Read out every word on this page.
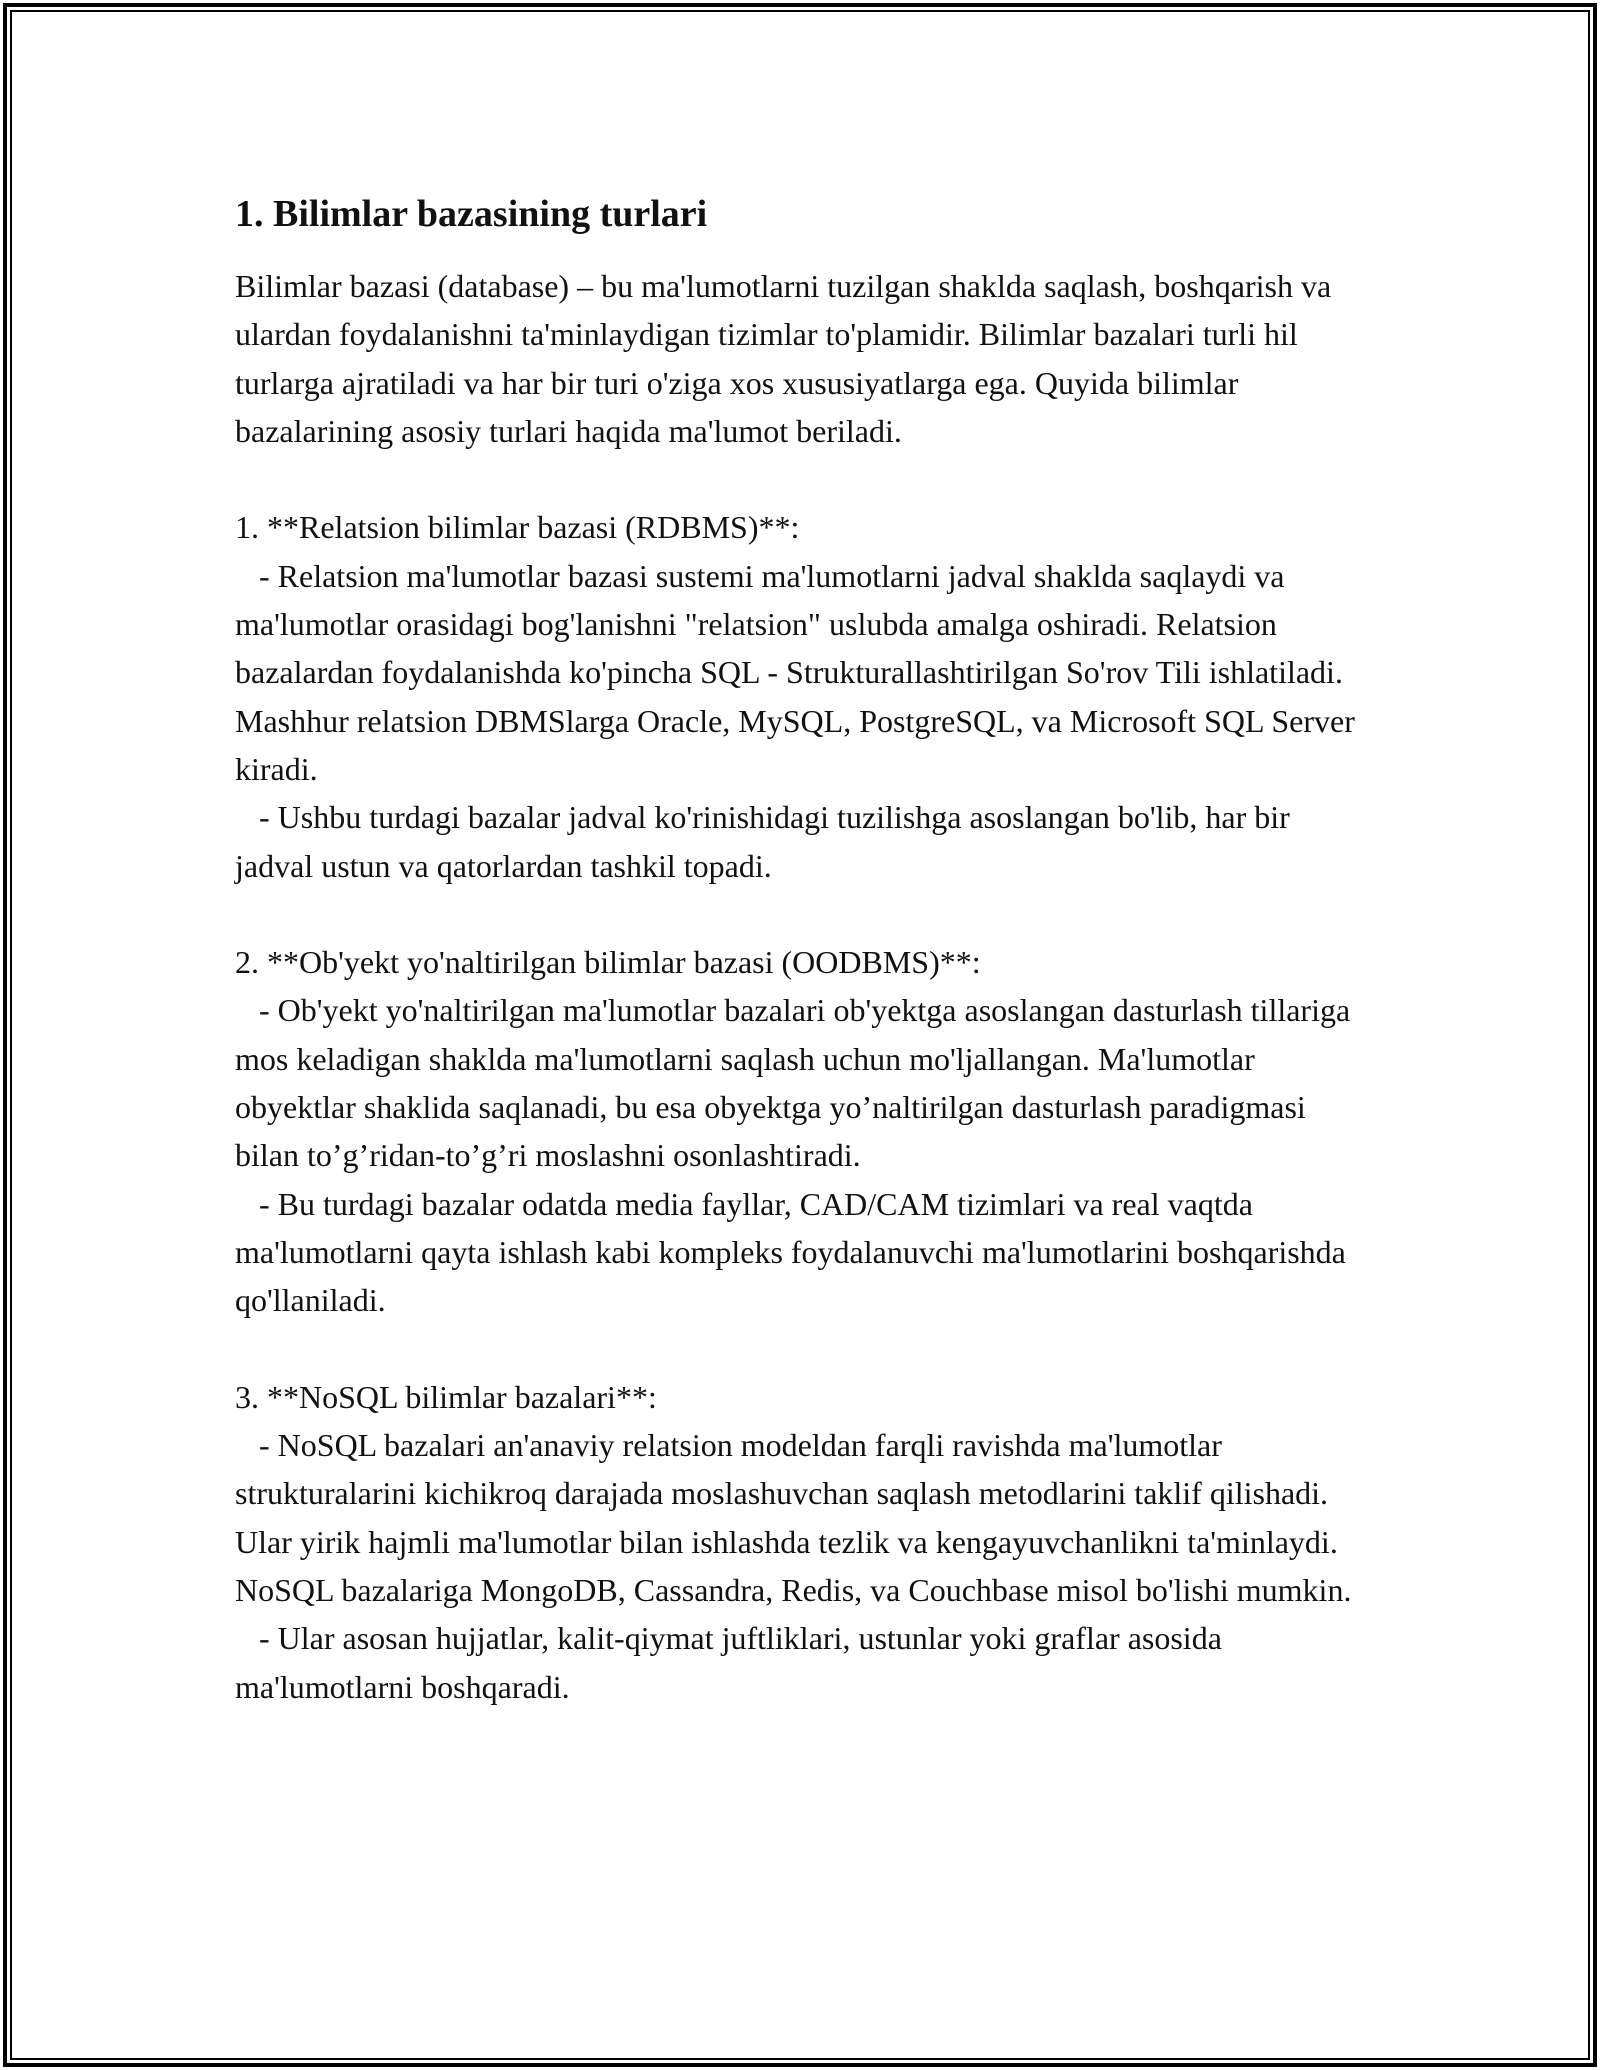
1. Bilimlar bazasining turlari

Bilimlar bazasi (database) – bu ma'lumotlarni tuzilgan shaklda saqlash, boshqarish va ulardan foydalanishni ta'minlaydigan tizimlar to'plamidir. Bilimlar bazalari turli hil turlarga ajratiladi va har bir turi o'ziga xos xususiyatlarga ega. Quyida bilimlar bazalarining asosiy turlari haqida ma'lumot beriladi.

1. **Relatsion bilimlar bazasi (RDBMS)**:

- Relatsion ma'lumotlar bazasi sustemi ma'lumotlarni jadval shaklda saqlaydi va ma'lumotlar orasidagi bog'lanishni "relatsion" uslubda amalga oshiradi. Relatsion bazalardan foydalanishda ko'pincha SQL - Strukturallashtirilgan So'rov Tili ishlatiladi. Mashhur relatsion DBMSlarga Oracle, MySQL, PostgreSQL, va Microsoft SQL Server kiradi.

- Ushbu turdagi bazalar jadval ko'rinishidagi tuzilishga asoslangan bo'lib, har bir jadval ustun va qatorlardan tashkil topadi.

2. **Ob'yekt yo'naltirilgan bilimlar bazasi (OODBMS)**:

- Ob'yekt yo'naltirilgan ma'lumotlar bazalari ob'yektga asoslangan dasturlash tillariga mos keladigan shaklda ma'lumotlarni saqlash uchun mo'ljallangan. Ma'lumotlar obyektlar shaklida saqlanadi, bu esa obyektga yo’naltirilgan dasturlash paradigmasi bilan to’g’ridan-to’g’ri moslashni osonlashtiradi.

- Bu turdagi bazalar odatda media fayllar, CAD/CAM tizimlari va real vaqtda ma'lumotlarni qayta ishlash kabi kompleks foydalanuvchi ma'lumotlarini boshqarishda qo'llaniladi.

3. **NoSQL bilimlar bazalari**:

- NoSQL bazalari an'anaviy relatsion modeldan farqli ravishda ma'lumotlar strukturalarini kichikroq darajada moslashuvchan saqlash metodlarini taklif qilishadi. Ular yirik hajmli ma'lumotlar bilan ishlashda tezlik va kengayuvchanlikni ta'minlaydi. NoSQL bazalariga MongoDB, Cassandra, Redis, va Couchbase misol bo'lishi mumkin.

- Ular asosan hujjatlar, kalit-qiymat juftliklari, ustunlar yoki graflar asosida ma'lumotlarni boshqaradi.
